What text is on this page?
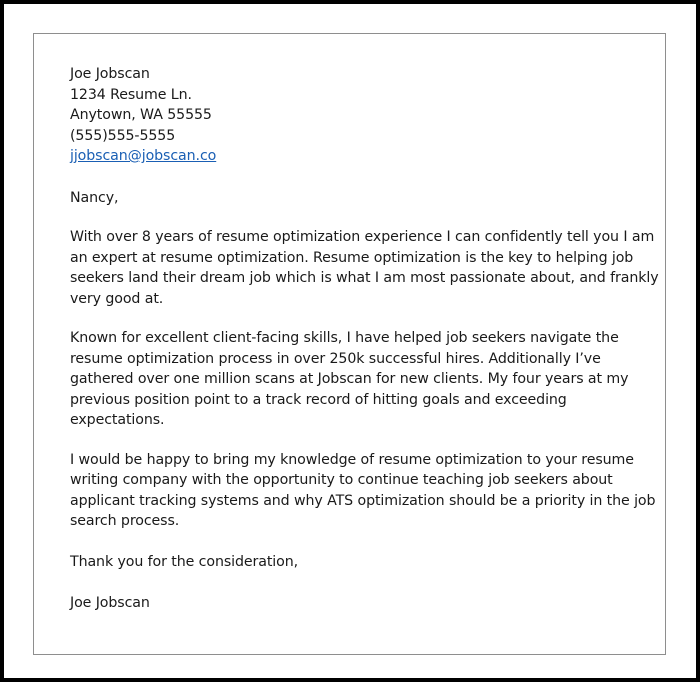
Joe Jobscan
1234 Resume Ln.
Anytown, WA 55555
(555)555-5555
jjobscan@jobscan.co
Nancy,
With over 8 years of resume optimization experience I can confidently tell you I am
an expert at resume optimization. Resume optimization is the key to helping job
seekers land their dream job which is what I am most passionate about, and frankly
very good at.
Known for excellent client-facing skills, I have helped job seekers navigate the
resume optimization process in over 250k successful hires. Additionally I’ve
gathered over one million scans at Jobscan for new clients. My four years at my
previous position point to a track record of hitting goals and exceeding
expectations.
I would be happy to bring my knowledge of resume optimization to your resume
writing company with the opportunity to continue teaching job seekers about
applicant tracking systems and why ATS optimization should be a priority in the job
search process.
Thank you for the consideration,
Joe Jobscan
